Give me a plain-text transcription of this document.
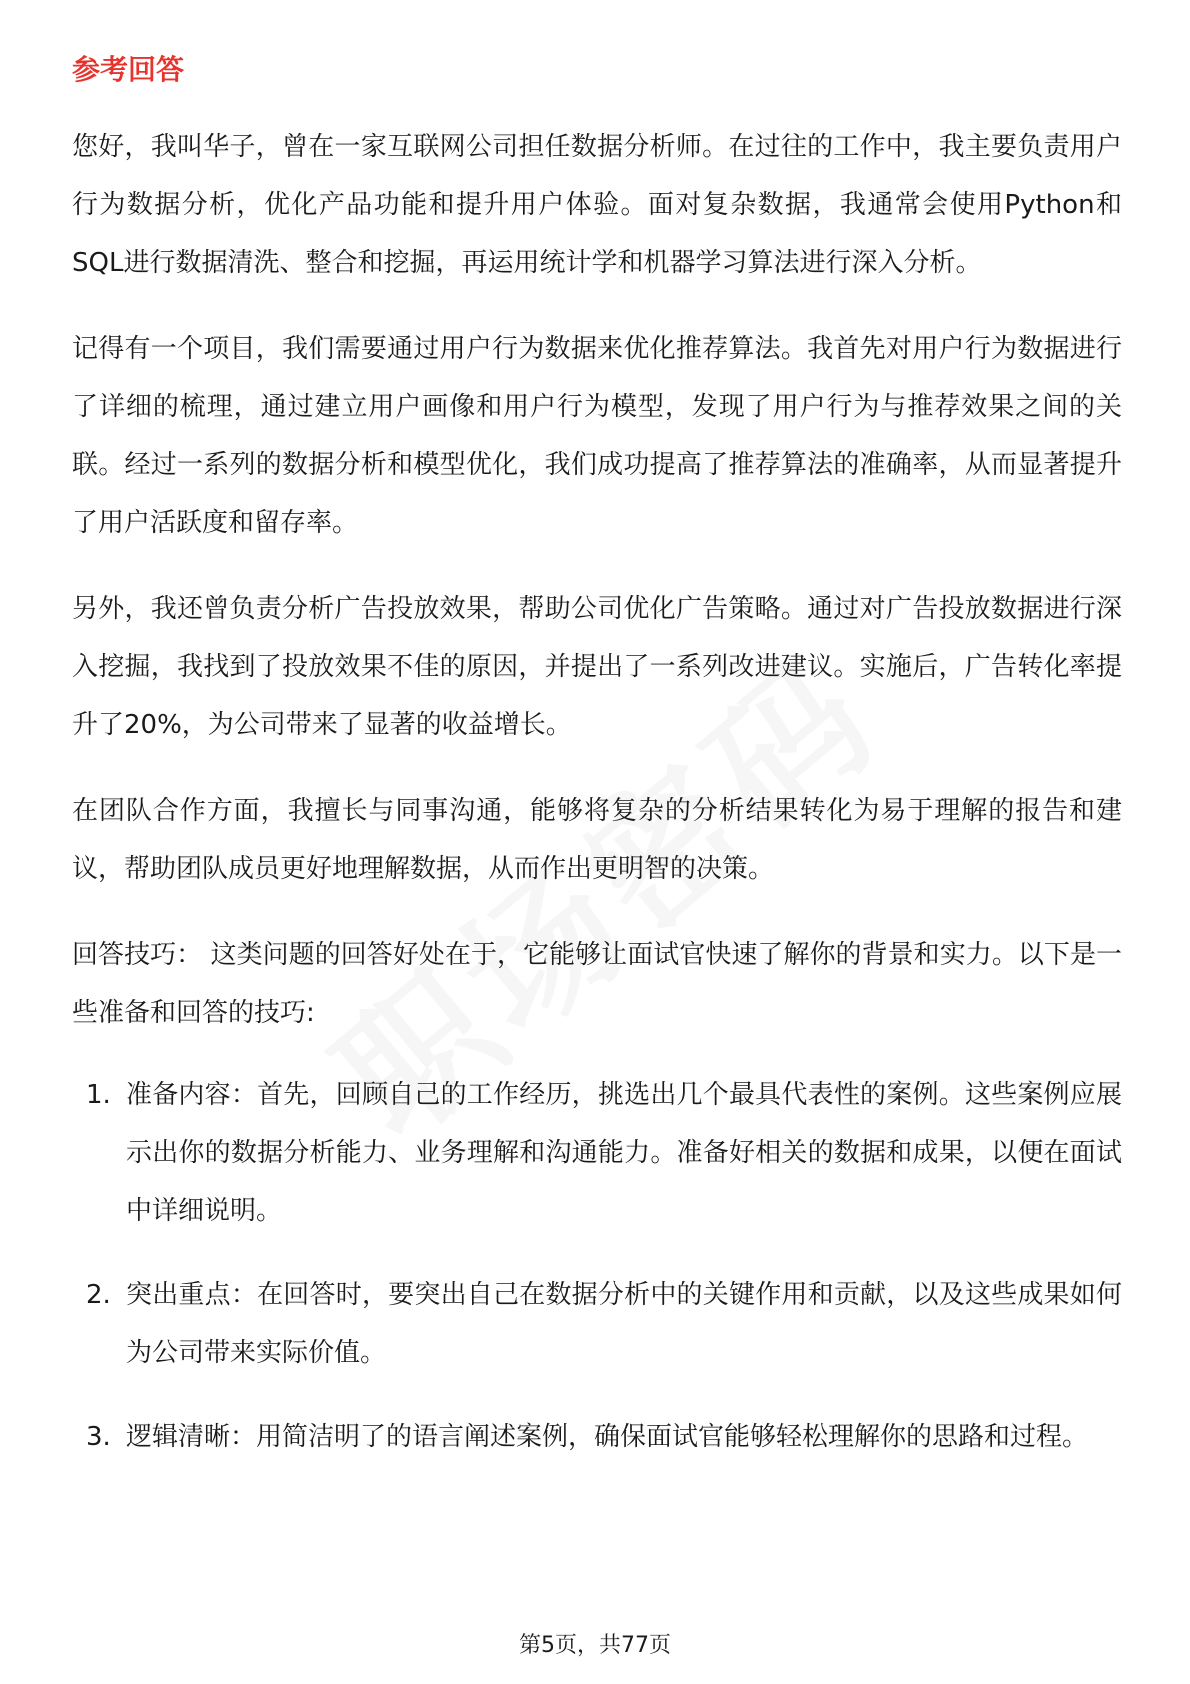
参考回答

您好，我叫华子，曾在一家互联网公司担任数据分析师。在过往的工作中，我主要负责用户行为数据分析，优化产品功能和提升用户体验。面对复杂数据，我通常会使用Python和SQL进行数据清洗、整合和挖掘，再运用统计学和机器学习算法进行深入分析。

记得有一个项目，我们需要通过用户行为数据来优化推荐算法。我首先对用户行为数据进行了详细的梳理，通过建立用户画像和用户行为模型，发现了用户行为与推荐效果之间的关联。经过一系列的数据分析和模型优化，我们成功提高了推荐算法的准确率，从而显著提升了用户活跃度和留存率。

另外，我还曾负责分析广告投放效果，帮助公司优化广告策略。通过对广告投放数据进行深入挖掘，我找到了投放效果不佳的原因，并提出了一系列改进建议。实施后，广告转化率提升了20%，为公司带来了显著的收益增长。

在团队合作方面，我擅长与同事沟通，能够将复杂的分析结果转化为易于理解的报告和建议，帮助团队成员更好地理解数据，从而作出更明智的决策。

回答技巧： 这类问题的回答好处在于，它能够让面试官快速了解你的背景和实力。以下是一些准备和回答的技巧:

1. 准备内容：首先，回顾自己的工作经历，挑选出几个最具代表性的案例。这些案例应展示出你的数据分析能力、业务理解和沟通能力。准备好相关的数据和成果，以便在面试中详细说明。
2. 突出重点：在回答时，要突出自己在数据分析中的关键作用和贡献，以及这些成果如何为公司带来实际价值。
3. 逻辑清晰：用简洁明了的语言阐述案例，确保面试官能够轻松理解你的思路和过程。
第5页，共77页
